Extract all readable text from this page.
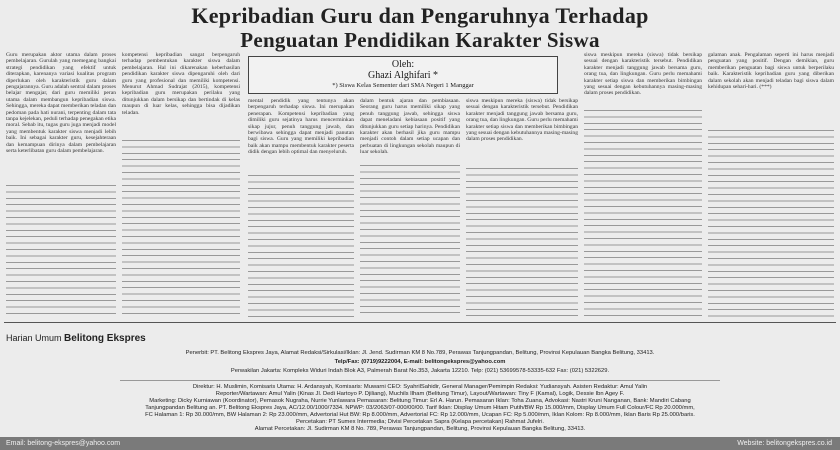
Kepribadian Guru dan Pengaruhnya Terhadap
Penguatan Pendidikan Karakter Siswa
Oleh:
Ghazi Alghifari *
*) Siswa Kelas Sementer dari SMA Negeri 1 Manggar

Guru merupakan aktor utama dalam proses pembelajaran. Gurulah yang memegang bangkai strategi pendidikan yang efektif untuk diterapkan, karenanya variasi kualitas program diperlukan oleh karakteristik guru dalam pengajarannya. Guru adalah sentral dalam proses belajar mengajar, dari guru memiliki peran utama dalam membangun kepribadian siswa. Sehingga, mereka dapat memberikan teladan dan pedoman pada hati nurani, terpenting dalam tata tanpa kejelekan, peduli terhadap penegakan etika moral. Sebab itu, tugas guru juga menjadi model yang membentuk karakter siswa menjadi lebih baik. Ini sebagai karakter guru, kesejahteraan dan kemampuan dirinya dalam pembelajaran serta keterlibatan guru dalam pembelajaran.

kompetensi kepribadian sangat berpengaruh terhadap pembentukan karakter siswa dalam pembelajaran. Hal ini dikarenakan keberhasilan pendidikan karakter siswa dipengaruhi oleh dari guru yang profesional dan memiliki kompetensi. Menurut Ahmad Sudrajat (2015), kompetensi kepribadian guru merupakan perilaku yang ditunjukkan dalam bersikap dan bertindak di kelas maupun di luar kelas, sehingga bisa dijadikan teladan.

mental pendidik yang tentunya akan berpengaruh terhadap siswa. Ini merupakan penerapan. Kompetensi kepribadian yang dimiliki guru sejatinya harus mencerminkan sikap jujur, penuh tanggung jawab, dan berwibawa sehingga dapat menjadi panutan bagi siswa. Guru yang memiliki kepribadian baik akan mampu membentuk karakter peserta didik dengan lebih optimal dan menyeluruh.

dalam bentuk ajaran dan pembiasaan. Seorang guru harus memiliki sikap yang penuh tanggung jawab, sehingga siswa dapat meneladani kebiasaan positif yang ditunjukkan guru setiap harinya. Pendidikan karakter akan berhasil jika guru mampu menjadi contoh dalam setiap ucapan dan perbuatan di lingkungan sekolah maupun di luar sekolah.

siswa meskipun mereka (siswa) tidak bersikap sesuai dengan karakteristik tersebut. Pendidikan karakter menjadi tanggung jawab bersama guru, orang tua, dan lingkungan. Guru perlu memahami karakter setiap siswa dan memberikan bimbingan yang sesuai dengan kebutuhannya masing-masing dalam proses pendidikan.

siswa meskipun mereka (siswa) tidak bersikap sesuai dengan karakteristik tersebut. Pendidikan karakter menjadi tanggung jawab bersama guru, orang tua, dan lingkungan. Guru perlu memahami karakter setiap siswa dan memberikan bimbingan yang sesuai dengan kebutuhannya masing-masing dalam proses pendidikan.

galaman anak. Pengalaman seperti ini harus menjadi penguatan yang positif. Dengan demikian, guru memberikan penguatan bagi siswa untuk berperilaku baik. Karakteristik kepribadian guru yang diberikan dalam sekolah akan menjadi teladan bagi siswa dalam kehidupan sehari-hari. (***)

Harian Umum Belitong Ekspres
Penerbit: PT. Belitong Ekspres Jaya, Alamat Redaksi/Sirkulasi/Iklan: Jl. Jend. Sudirman KM 8 No.789, Perawas Tanjungpandan, Belitung, Provinsi Kepulauan Bangka Belitung, 33413.
Telp/Fax: (0719)9222004, E-mail: belitongekspres@yahoo.com
Perwakilan Jakarta: Kompleks Widuri Indah Blok A3, Palmerah Barat No.353, Jakarta 12210. Telp: (021) 53699578-53335-632 Fax: (021) 5322629.
Direktur: H. Muslimin, Komisaris Utama: H. Ardansyah, Komisaris: Muwarni CEO: SyahrilSahidir, General Manager/Pemimpin Redaksi: Yudiansyah. Asisten Redaktur: Amul Yalin
Reporter/Wartawan: Amul Yalin (Kinas Jl. Dedi Hartoyo P. Djiliang), Muchils Ilham (Belitung Timur), Layout/Wartawan: Tiny F (Kamal), Logik, Dessie Ibn Agey F.
Marketing: Dicky Kurniawan (Koordinator), Pemasok Nugraha, Nurrie Yunlawara Pemasaran: Belitung Timur: Erl A. Harun. Pemasaran Iklan: Toha Zuana, Advokasi: Nastri Kruni Nanganan, Bank: Mandiri Cabang
Tanjungpandan Belitung an. PT. Belitong Ekspres Jaya, AC/12.00/1000/7334. NPWP: 03/2063/07-000/00/00. Tarif Iklan: Display Umum Hitam Putih/BW Rp 15.000/mm, Display Umum Full Colour/FC Rp 20.000/mm,
FC Halaman 1: Rp 30.000/mm, BW Halaman 2: Rp 23.000/mm, Advertorial Hut BW: Rp 8.000/mm, Advertorial FC: Rp 12.000/mm, Ucapan FC: Rp 5.000/mm, Iklan Kolom: Rp 8.000/mm, Iklan Baris Rp 25.000/baris.
Percetakan: PT Sumex Intermedia; Divisi Percetakan Sapra (Kelapa percetakan) Rahmat Jufelri.
Alamat Percetakan: Jl. Sudirman KM 8 No. 789, Perawas Tanjungpandan, Belitung, Provinsi Kepulauan Bangka Belitung, 33413.
Email: belitong-ekspres@yahoo.com	Website: belitongekspres.co.id
